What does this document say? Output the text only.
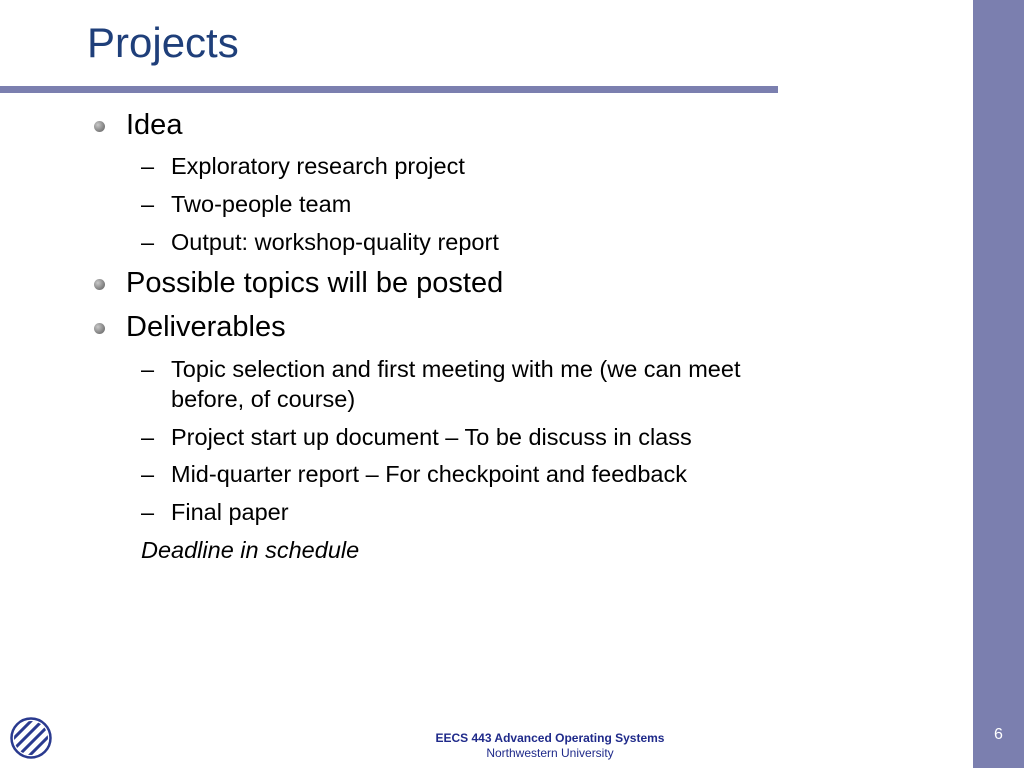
Projects
Idea
– Exploratory research project
– Two-people team
– Output: workshop-quality report
Possible topics will be posted
Deliverables
– Topic selection and first meeting with me (we can meet
before, of course)
– Project start up document – To be discuss in class
– Mid-quarter report – For checkpoint and feedback
– Final paper
Deadline in schedule
EECS 443 Advanced Operating Systems
Northwestern University
6
